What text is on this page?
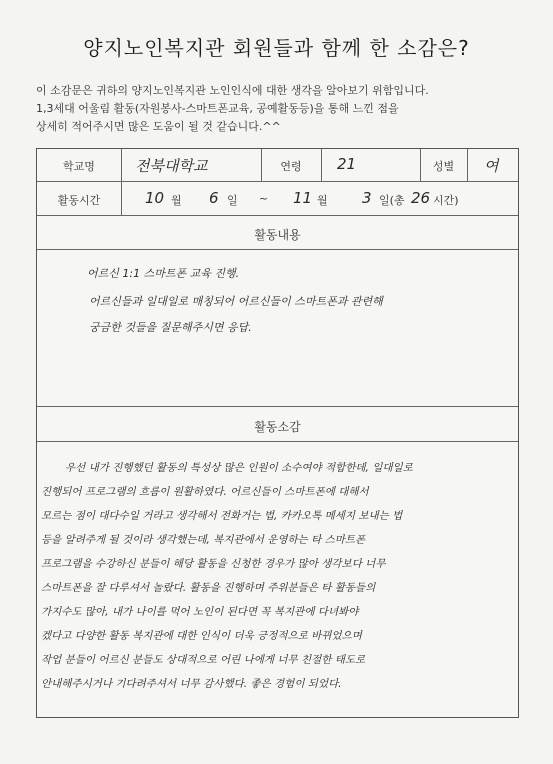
양지노인복지관 회원들과 함께 한 소감은?
이 소감문은 귀하의 양지노인복지관 노인인식에 대한 생각을 알아보기 위함입니다.
1,3세대 어울림 활동(자원봉사-스마트폰교육, 공예활동등)을 통해 느낀 점을
상세히 적어주시면 많은 도움이 될 것 같습니다.^^
학교명	전북대학교	연령	21	성별	여
활동시간	10 월 6 일 ~ 11 월 3 일(총 26 시간)
활동내용
어르신 1:1 스마트폰 교육 진행.
어르신들과 일대일로 매칭되어 어르신들이 스마트폰과 관련해
궁금한 것들을 질문해주시면 응답.
활동소감
우선 내가 진행했던 활동의 특성상 많은 인원이 소수여야 적합한데, 일대일로
진행되어 프로그램의 흐름이 원활하였다. 어르신들이 스마트폰에 대해서
모르는 점이 대다수일 거라고 생각해서 전화거는 법, 카카오톡 메세지 보내는 법
등을 알려주게 될 것이라 생각했는데, 복지관에서 운영하는 타 스마트폰
프로그램을 수강하신 분들이 해당 활동을 신청한 경우가 많아 생각보다 너무
스마트폰을 잘 다루셔서 놀랐다. 활동을 진행하며 주위분들은 타 활동들의
가지수도 많아, 내가 나이를 먹어 노인이 된다면 꼭 복지관에 다녀봐야
겠다고 다양한 활동 복지관에 대한 인식이 더욱 긍정적으로 바뀌었으며
작업 분들이 어르신 분들도 상대적으로 어린 나에게 너무 친절한 태도로
안내해주시거나 기다려주셔서 너무 감사했다. 좋은 경험이 되었다.
